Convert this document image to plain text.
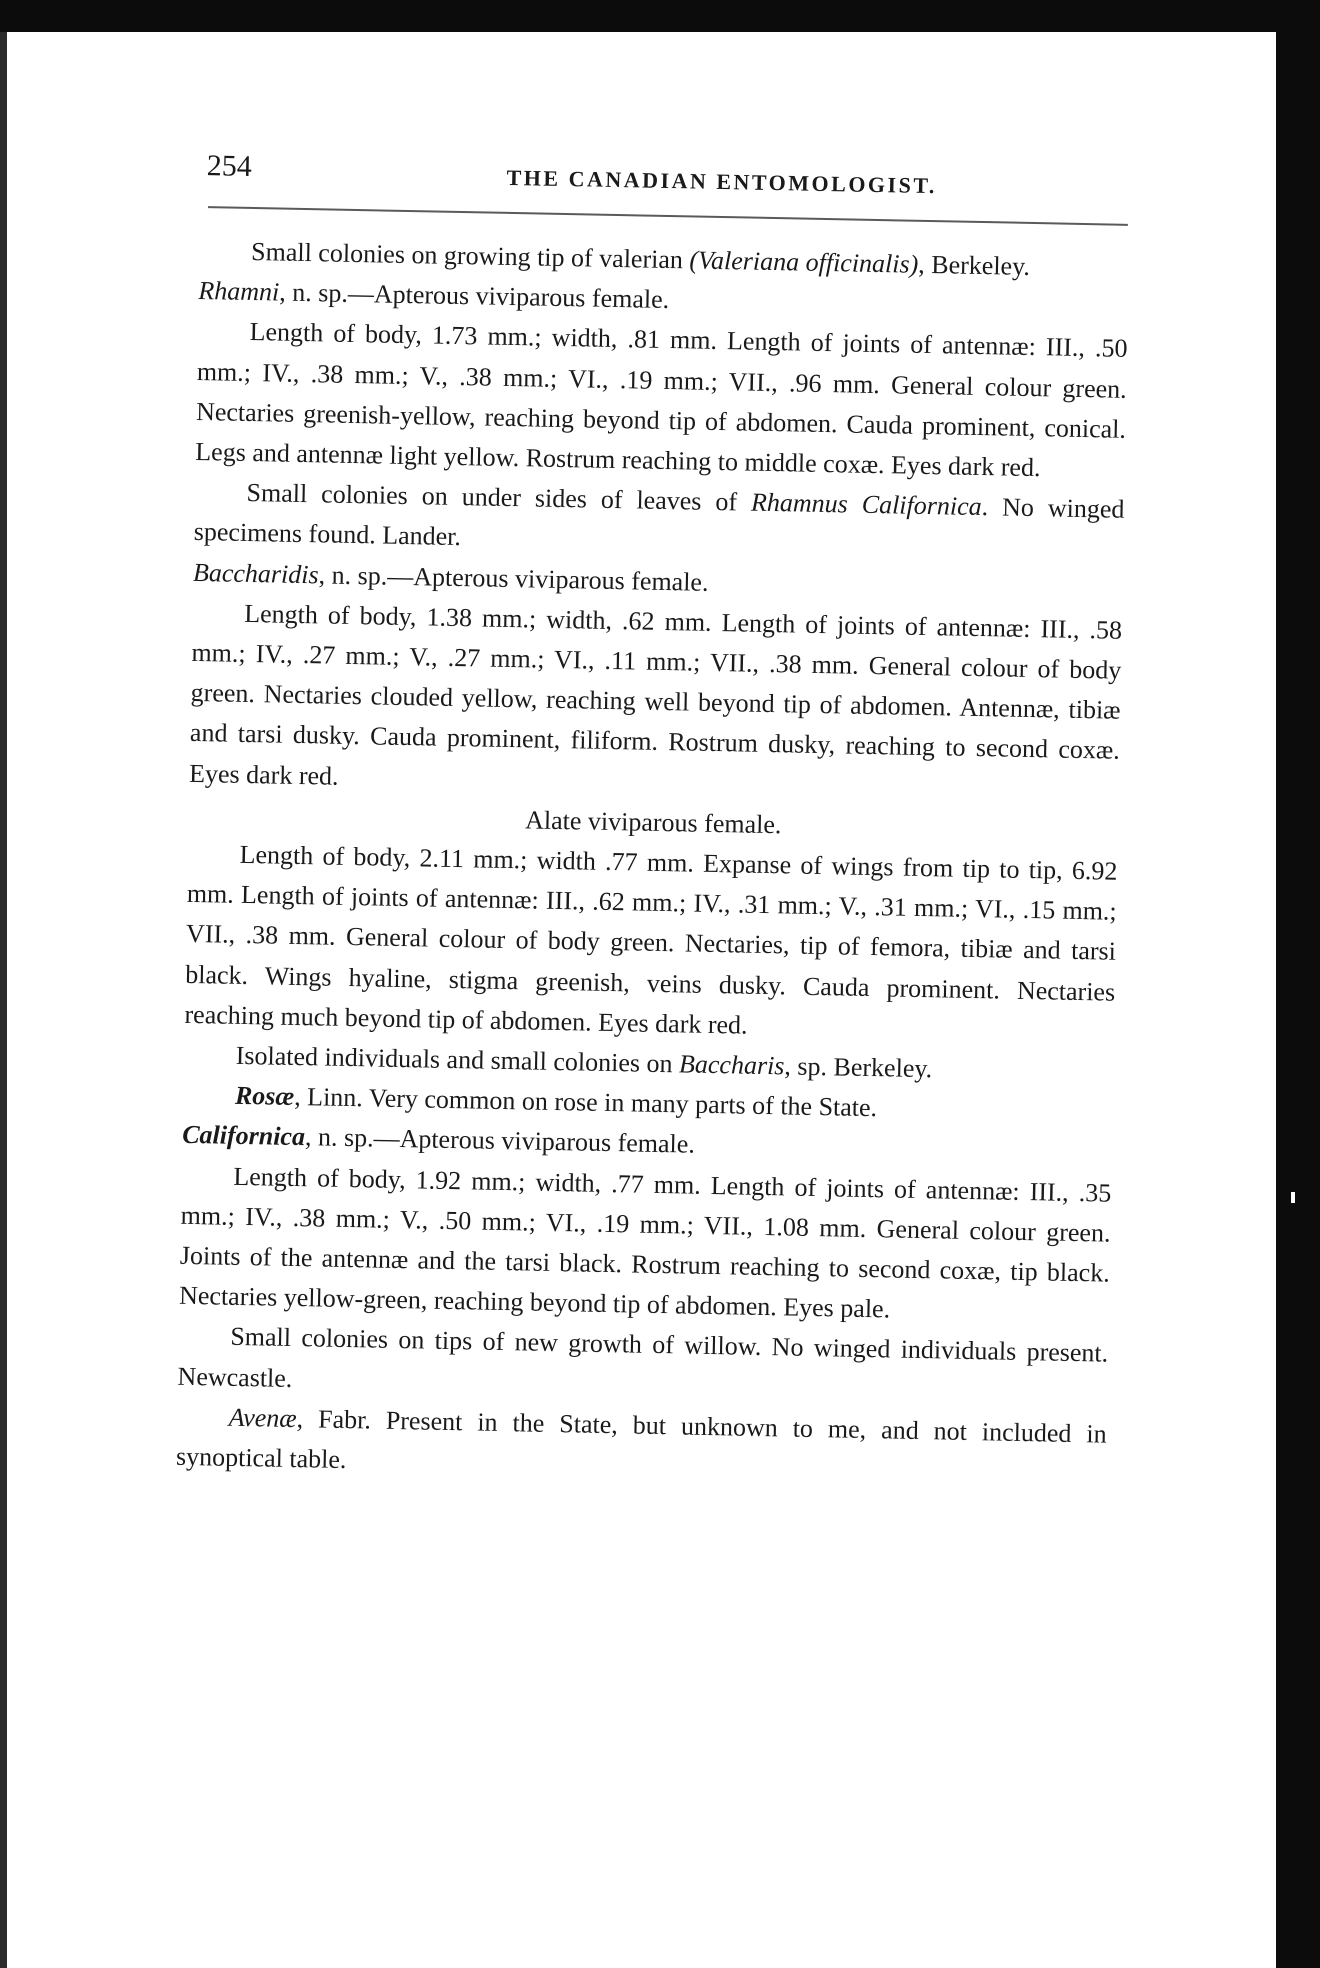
254	THE CANADIAN ENTOMOLOGIST.

Small colonies on growing tip of valerian (Valeriana officinalis), Berkeley.

Rhamni, n. sp.—Apterous viviparous female.

Length of body, 1.73 mm.; width, .81 mm. Length of joints of antennæ: III., .50 mm.; IV., .38 mm.; V., .38 mm.; VI., .19 mm.; VII., .96 mm. General colour green. Nectaries greenish-yellow, reaching beyond tip of abdomen. Cauda prominent, conical. Legs and antennæ light yellow. Rostrum reaching to middle coxæ. Eyes dark red.

Small colonies on under sides of leaves of Rhamnus Californica. No winged specimens found. Lander.

Baccharidis, n. sp.—Apterous viviparous female.

Length of body, 1.38 mm.; width, .62 mm. Length of joints of antennæ: III., .58 mm.; IV., .27 mm.; V., .27 mm.; VI., .11 mm.; VII., .38 mm. General colour of body green. Nectaries clouded yellow, reaching well beyond tip of abdomen. Antennæ, tibiæ and tarsi dusky. Cauda prominent, filiform. Rostrum dusky, reaching to second coxæ. Eyes dark red.

Alate viviparous female.

Length of body, 2.11 mm.; width .77 mm. Expanse of wings from tip to tip, 6.92 mm. Length of joints of antennæ: III., .62 mm.; IV., .31 mm.; V., .31 mm.; VI., .15 mm.; VII., .38 mm. General colour of body green. Nectaries, tip of femora, tibiæ and tarsi black. Wings hyaline, stigma greenish, veins dusky. Cauda prominent. Nectaries reaching much beyond tip of abdomen. Eyes dark red.

Isolated individuals and small colonies on Baccharis, sp. Berkeley.

Rosæ, Linn. Very common on rose in many parts of the State.

Californica, n. sp.—Apterous viviparous female.

Length of body, 1.92 mm.; width, .77 mm. Length of joints of antennæ: III., .35 mm.; IV., .38 mm.; V., .50 mm.; VI., .19 mm.; VII., 1.08 mm. General colour green. Joints of the antennæ and the tarsi black. Rostrum reaching to second coxæ, tip black. Nectaries yellow-green, reaching beyond tip of abdomen. Eyes pale.

Small colonies on tips of new growth of willow. No winged individuals present. Newcastle.

Avenæ, Fabr. Present in the State, but unknown to me, and not included in synoptical table.
